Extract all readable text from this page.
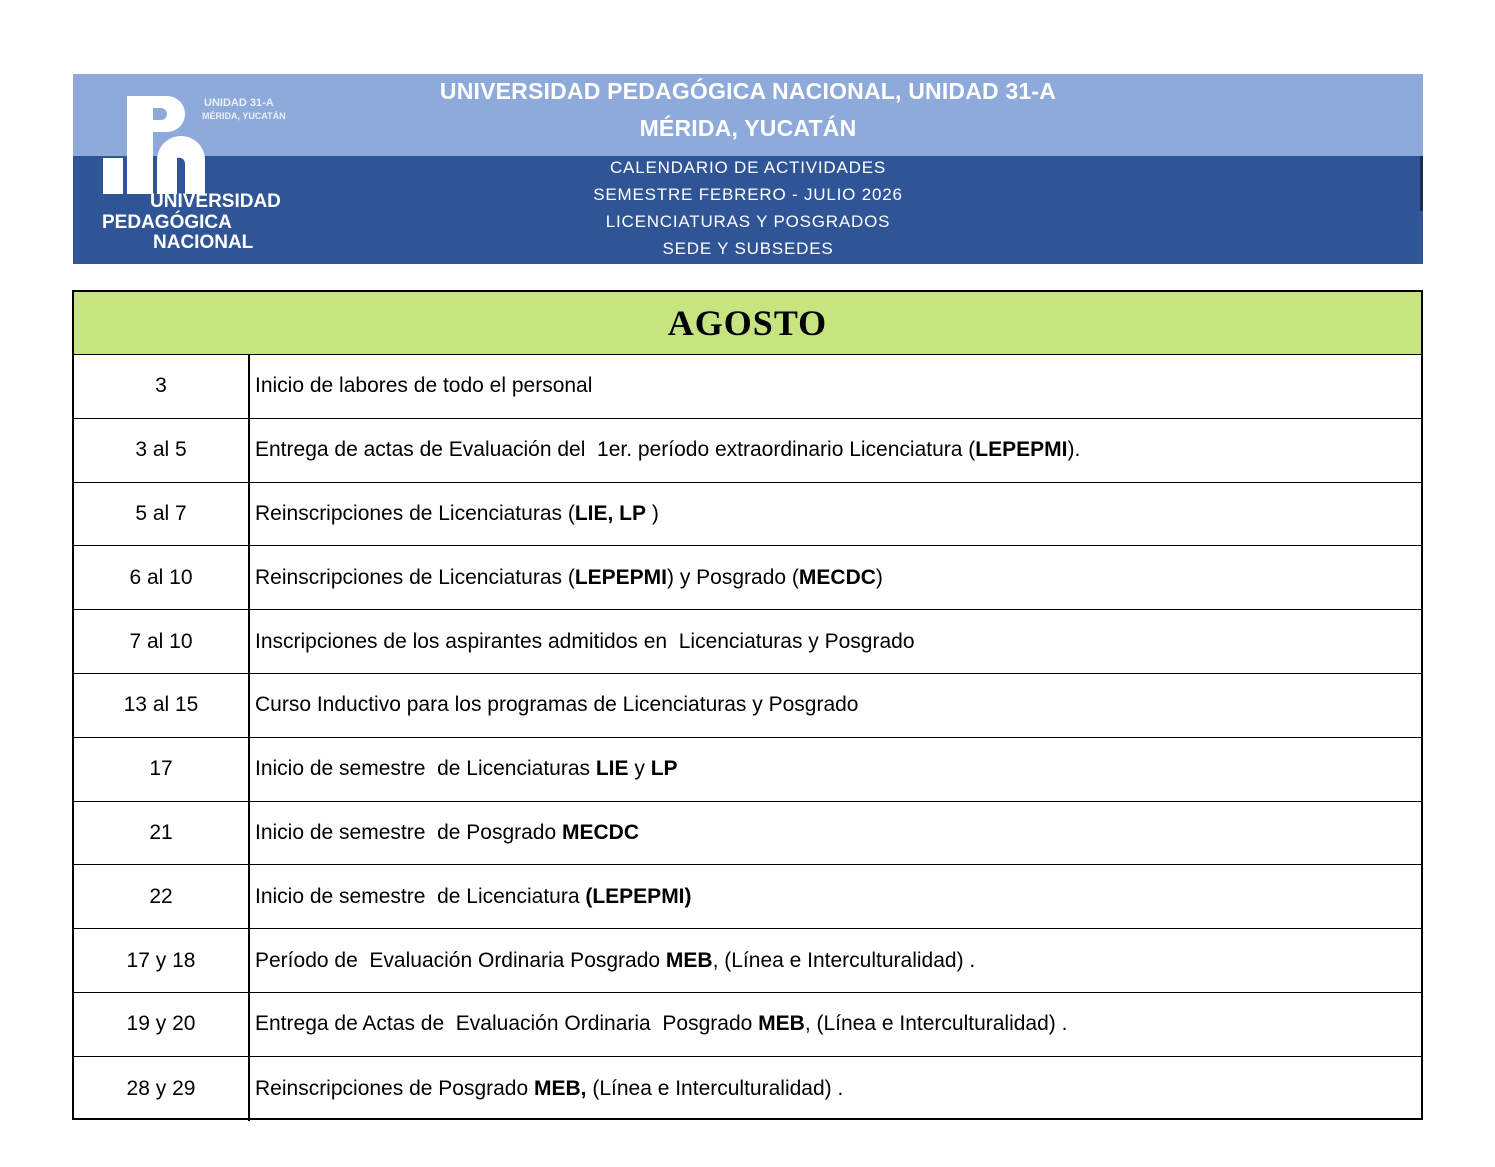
UNIDAD 31-A
MÉRIDA, YUCATÁN
UNIVERSIDAD
PEDAGÓGICA
NACIONAL
UNIVERSIDAD PEDAGÓGICA NACIONAL, UNIDAD 31-A
MÉRIDA, YUCATÁN
CALENDARIO DE ACTIVIDADES
SEMESTRE FEBRERO - JULIO 2026
LICENCIATURAS Y POSGRADOS
SEDE Y SUBSEDES
AGOSTO
3	Inicio de labores de todo el personal
3 al 5	Entrega de actas de Evaluación del  1er. período extraordinario Licenciatura ( LEPEPMI ).
5 al 7	Reinscripciones de Licenciaturas ( LIE, LP )
6 al 10	Reinscripciones de Licenciaturas ( LEPEPMI ) y Posgrado ( MECDC )
7 al 10	Inscripciones de los aspirantes admitidos en  Licenciaturas y Posgrado
13 al 15	Curso Inductivo para los programas de Licenciaturas y Posgrado
17	Inicio de semestre  de Licenciaturas LIE y LP
21	Inicio de semestre  de Posgrado MECDC
22	Inicio de semestre  de Licenciatura (LEPEPMI)
17 y 18	Período de  Evaluación Ordinaria Posgrado MEB , (Línea e Interculturalidad) .
19 y 20	Entrega de Actas de  Evaluación Ordinaria  Posgrado MEB , (Línea e Interculturalidad) .
28 y 29	Reinscripciones de Posgrado MEB, (Línea e Interculturalidad) .
